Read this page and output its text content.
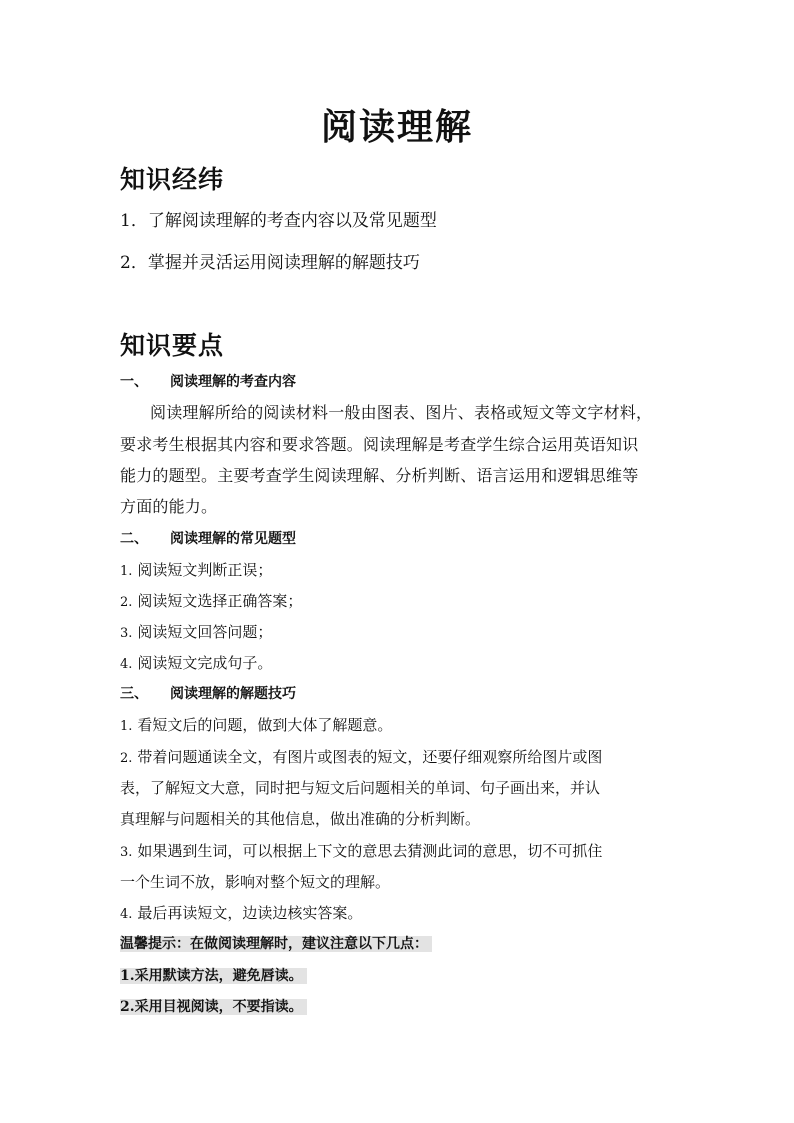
阅读理解
知识经纬
1．了解阅读理解的考查内容以及常见题型
2．掌握并灵活运用阅读理解的解题技巧
知识要点
一、 阅读理解的考查内容
阅读理解所给的阅读材料一般由图表、图片、表格或短文等文字材料，
要求考生根据其内容和要求答题。阅读理解是考查学生综合运用英语知识
能力的题型。主要考查学生阅读理解、分析判断、语言运用和逻辑思维等
方面的能力。
二、 阅读理解的常见题型
1. 阅读短文判断正误；
2. 阅读短文选择正确答案；
3. 阅读短文回答问题；
4. 阅读短文完成句子。
三、 阅读理解的解题技巧
1. 看短文后的问题，做到大体了解题意。
2. 带着问题通读全文，有图片或图表的短文，还要仔细观察所给图片或图
表，了解短文大意，同时把与短文后问题相关的单词、句子画出来，并认
真理解与问题相关的其他信息，做出准确的分析判断。
3. 如果遇到生词，可以根据上下文的意思去猜测此词的意思，切不可抓住
一个生词不放，影响对整个短文的理解。
4. 最后再读短文，边读边核实答案。
温馨提示：在做阅读理解时，建议注意以下几点：
1.采用默读方法，避免唇读。
2.采用目视阅读，不要指读。
